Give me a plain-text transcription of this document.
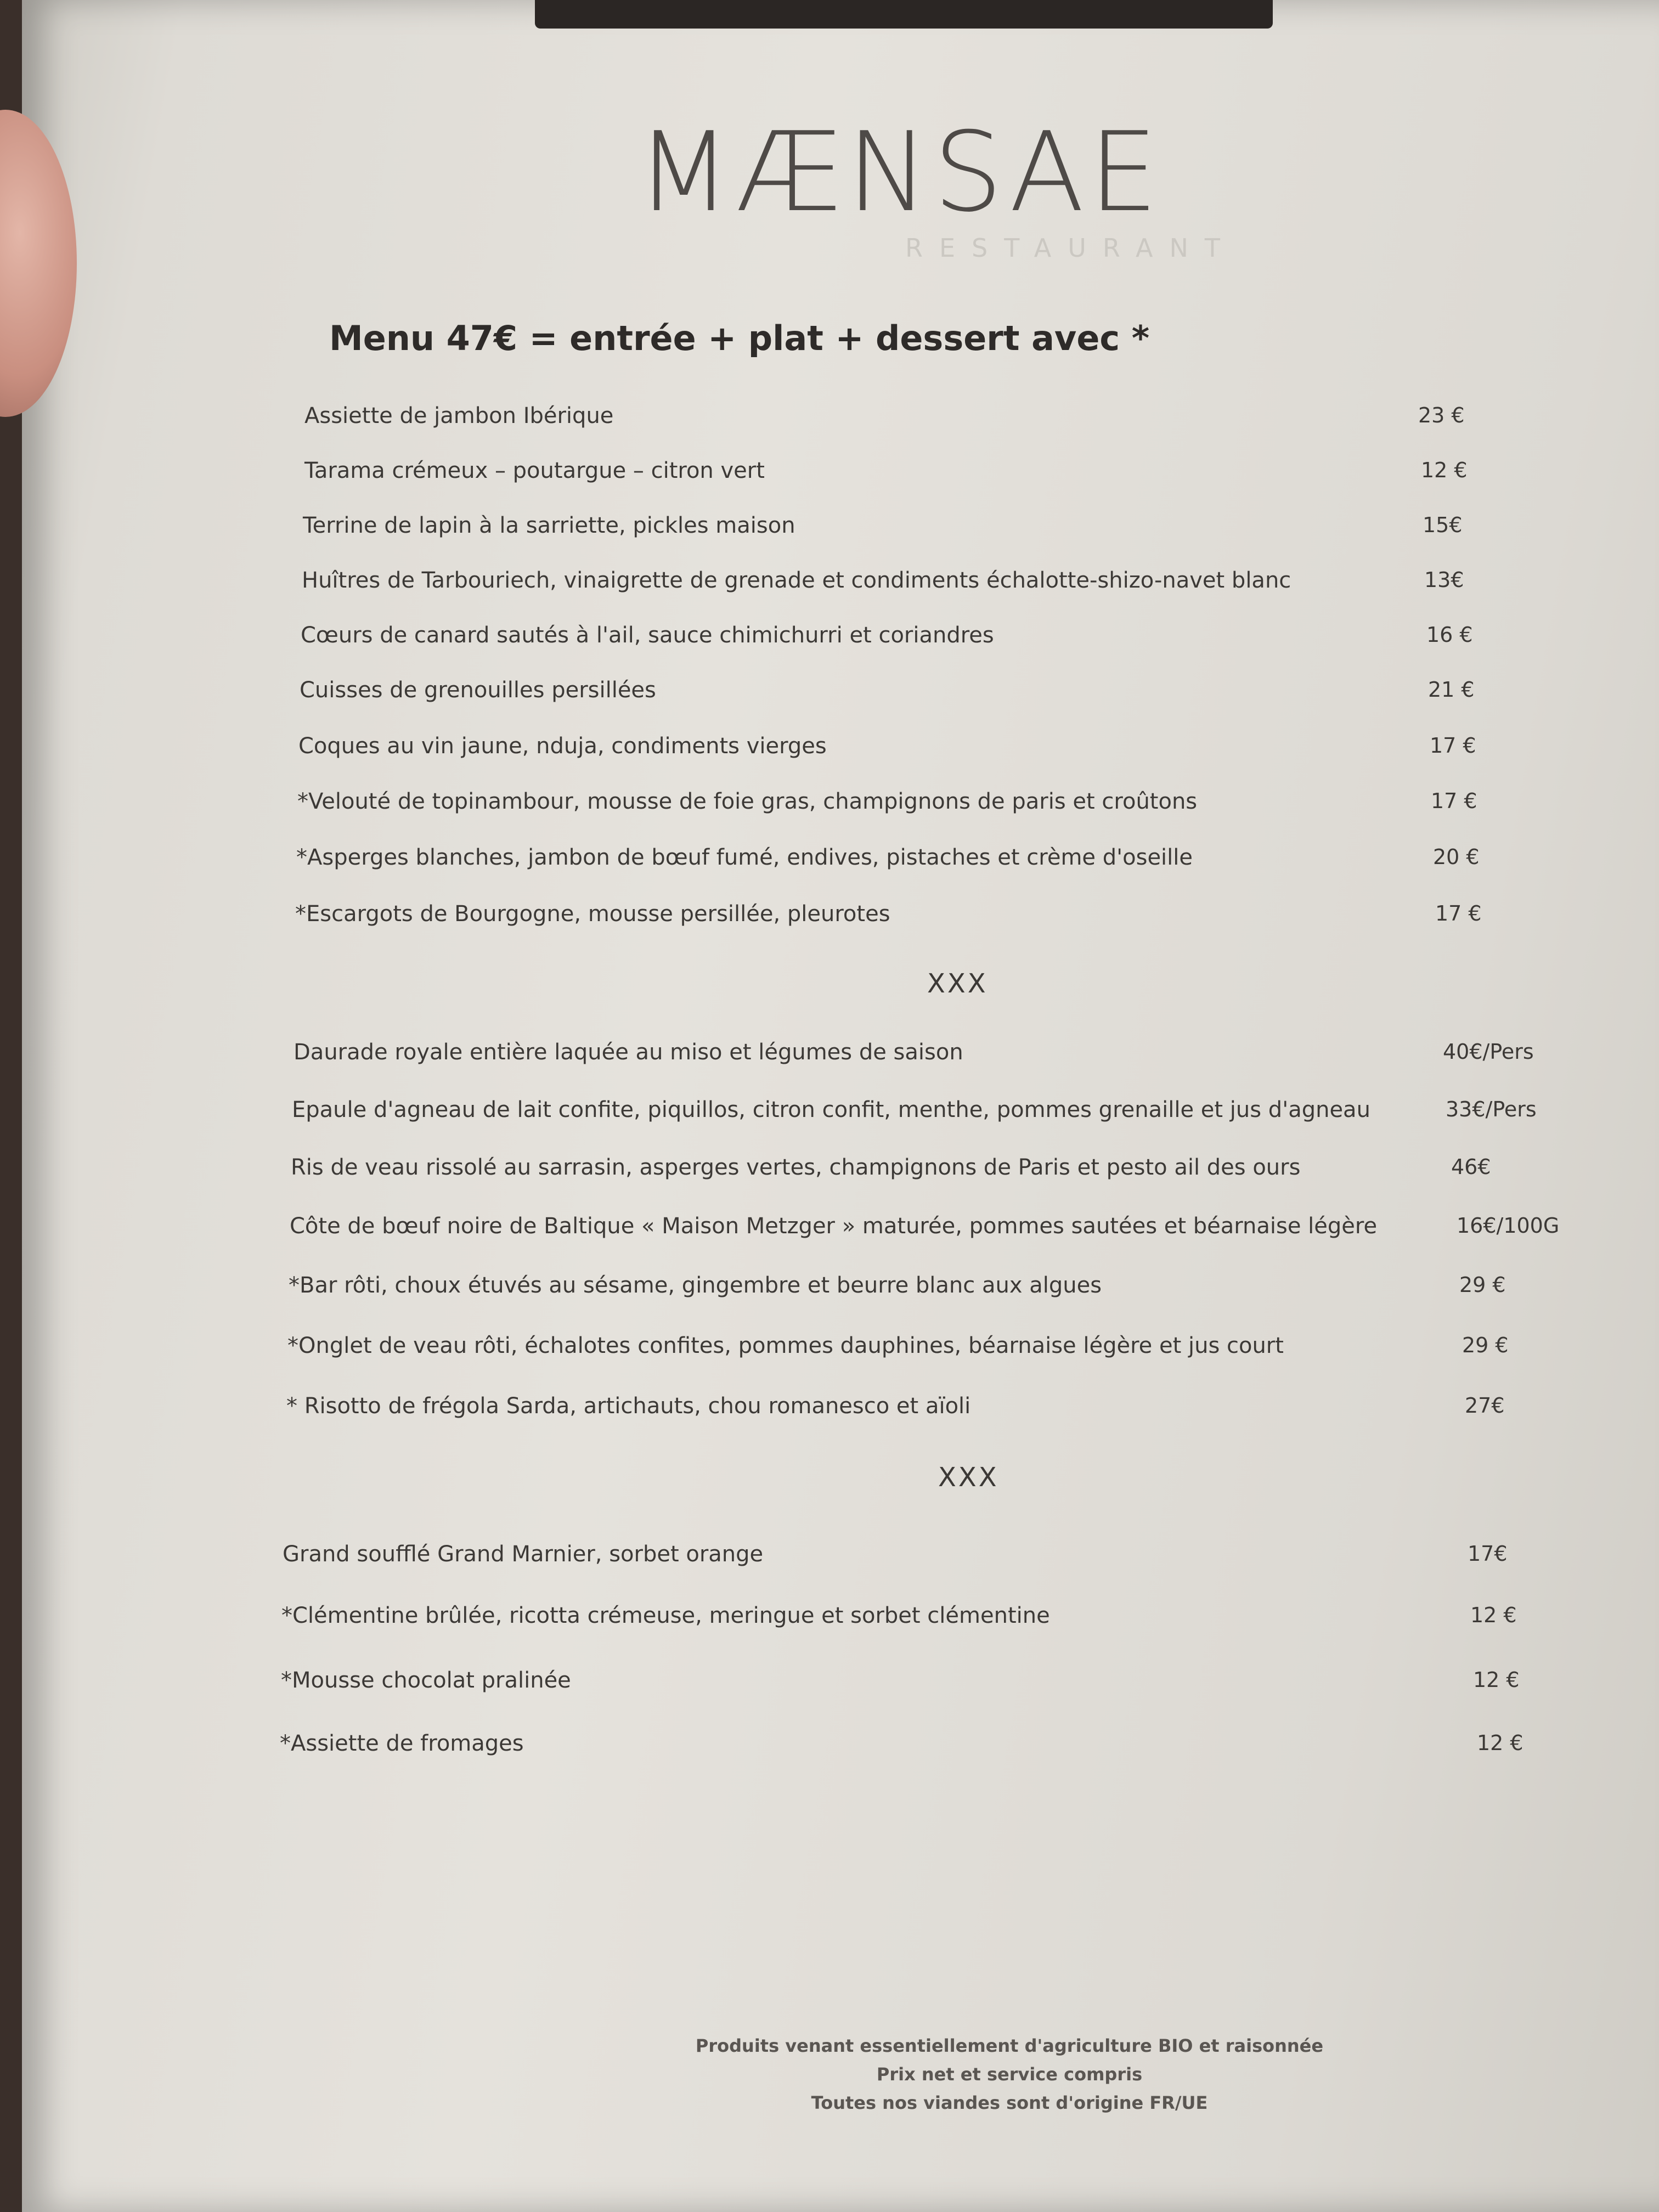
MÆNSAE
RESTAURANT
Menu 47€ = entrée + plat + dessert avec *
Assiette de jambon Ibérique	23 €
Tarama crémeux – poutargue – citron vert	12 €
Terrine de lapin à la sarriette, pickles maison	15€
Huîtres de Tarbouriech, vinaigrette de grenade et condiments échalotte-shizo-navet blanc	13€
Cœurs de canard sautés à l'ail, sauce chimichurri et coriandres	16 €
Cuisses de grenouilles persillées	21 €
Coques au vin jaune, nduja, condiments vierges	17 €
*Velouté de topinambour, mousse de foie gras, champignons de paris et croûtons	17 €
*Asperges blanches, jambon de bœuf fumé, endives, pistaches et crème d'oseille	20 €
*Escargots de Bourgogne, mousse persillée, pleurotes	17 €
XXX
Daurade royale entière laquée au miso et légumes de saison	40€/Pers
Epaule d'agneau de lait confite, piquillos, citron confit, menthe, pommes grenaille et jus d'agneau	33€/Pers
Ris de veau rissolé au sarrasin, asperges vertes, champignons de Paris et pesto ail des ours	46€
Côte de bœuf noire de Baltique « Maison Metzger » maturée, pommes sautées et béarnaise légère	16€/100G
*Bar rôti, choux étuvés au sésame, gingembre et beurre blanc aux algues	29 €
*Onglet de veau rôti, échalotes confites, pommes dauphines, béarnaise légère et jus court	29 €
* Risotto de frégola Sarda, artichauts, chou romanesco et aïoli	27€
XXX
Grand soufflé Grand Marnier, sorbet orange	17€
*Clémentine brûlée, ricotta crémeuse, meringue et sorbet clémentine	12 €
*Mousse chocolat pralinée	12 €
*Assiette de fromages	12 €
Produits venant essentiellement d'agriculture BIO et raisonnée
Prix net et service compris
Toutes nos viandes sont d'origine FR/UE
